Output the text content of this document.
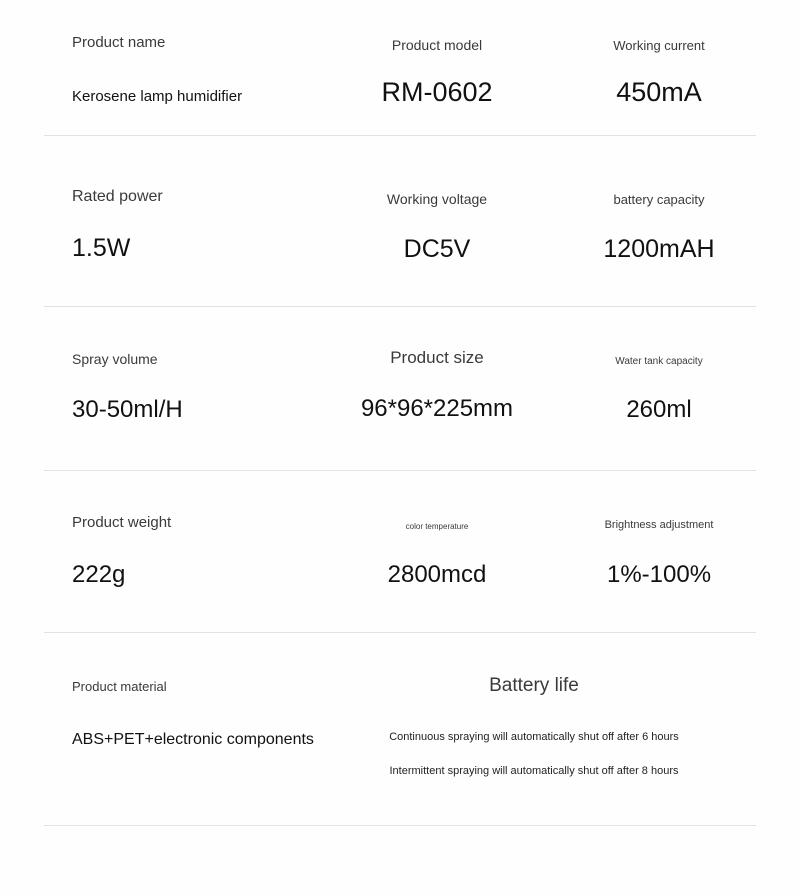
Product name
Kerosene lamp humidifier
Product model
RM-0602
Working current
450mA
Rated power
1.5W
Working voltage
DC5V
battery capacity
1200mAH
Spray volume
30-50ml/H
Product size
96*96*225mm
Water tank capacity
260ml
Product weight
222g
color temperature
2800mcd
Brightness adjustment
1%-100%
Product material
ABS+PET+electronic components
Battery life
Continuous spraying will automatically shut off after 6 hours
Intermittent spraying will automatically shut off after 8 hours
